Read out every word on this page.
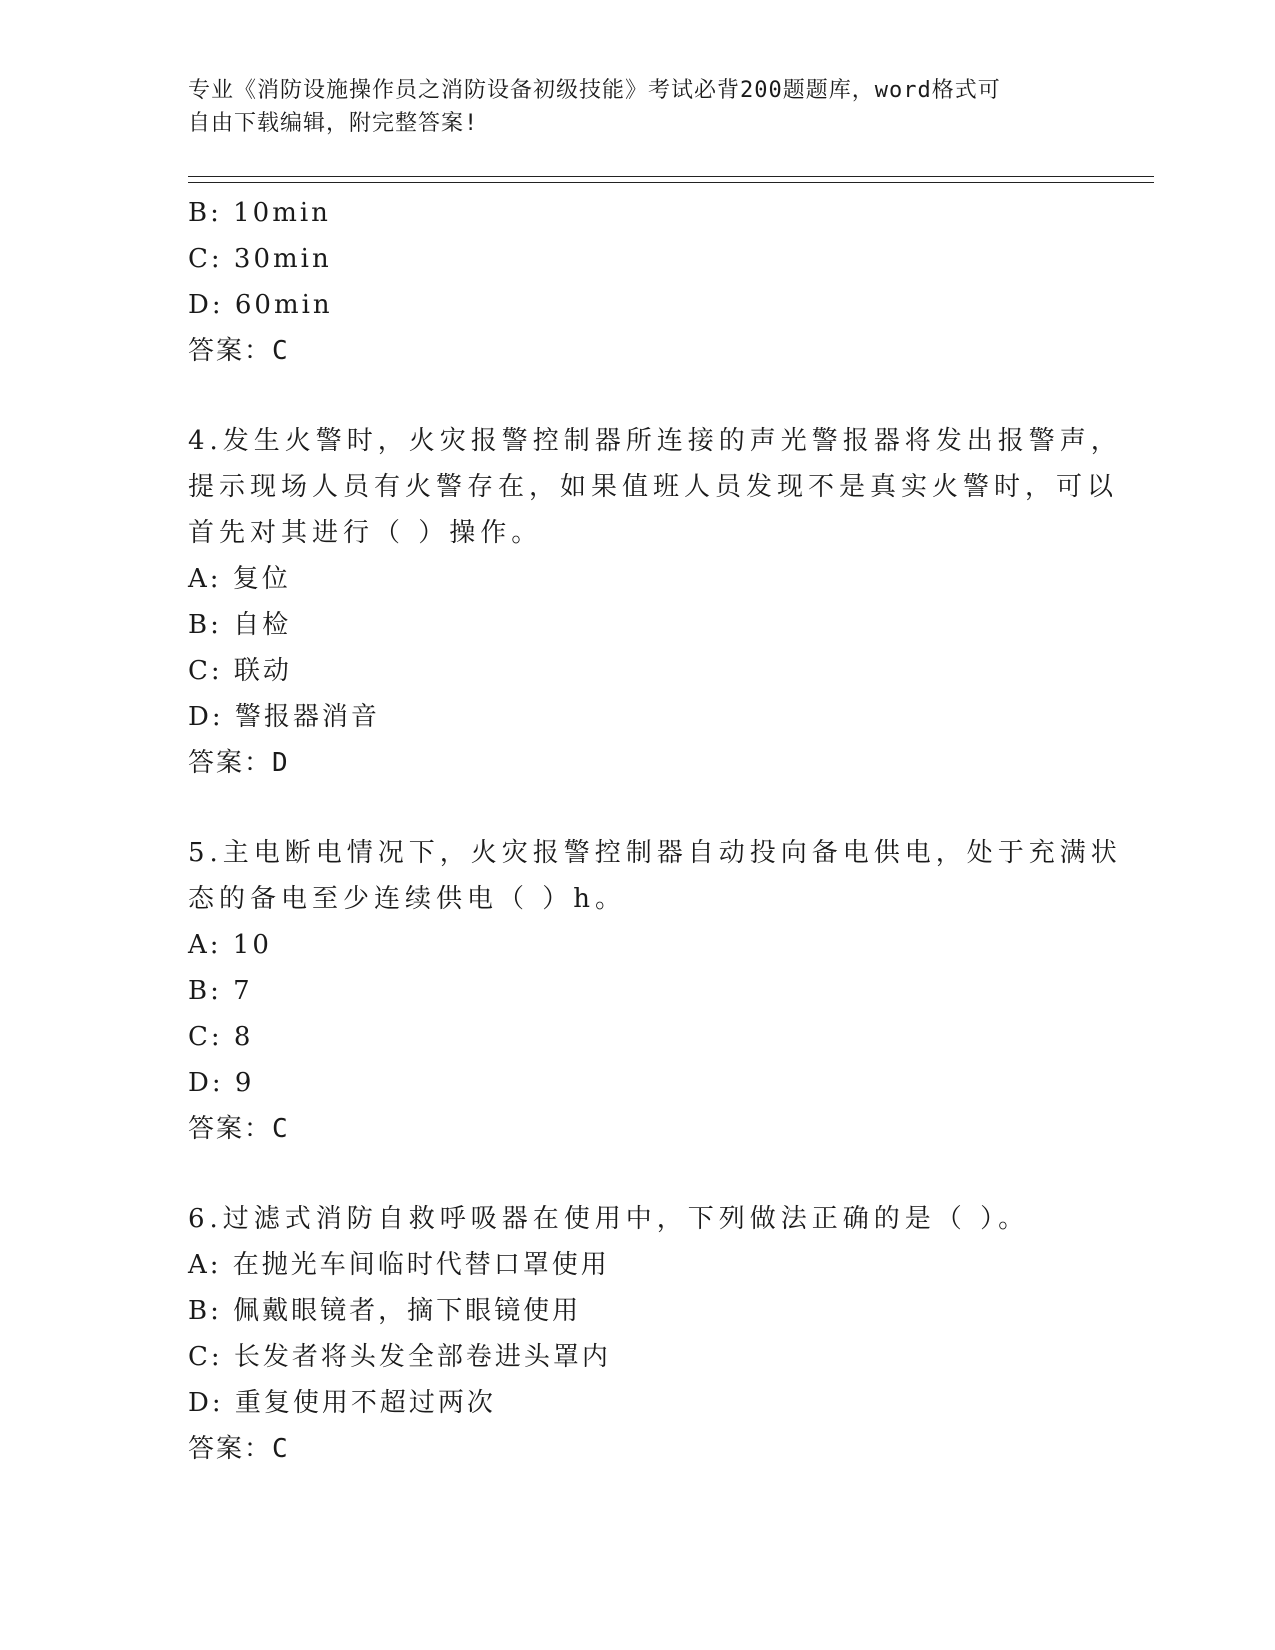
专业《消防设施操作员之消防设备初级技能》考试必背200题题库，word格式可
自由下载编辑，附完整答案!
B: 10min
C: 30min
D: 60min
答案：C
4.发生火警时，火灾报警控制器所连接的声光警报器将发出报警声，
提示现场人员有火警存在，如果值班人员发现不是真实火警时，可以
首先对其进行（ ）操作。
A: 复位
B: 自检
C: 联动
D: 警报器消音
答案：D
5.主电断电情况下，火灾报警控制器自动投向备电供电，处于充满状
态的备电至少连续供电（ ）h。
A: 10
B: 7
C: 8
D: 9
答案：C
6.过滤式消防自救呼吸器在使用中，下列做法正确的是（ ）。
A: 在抛光车间临时代替口罩使用
B: 佩戴眼镜者，摘下眼镜使用
C: 长发者将头发全部卷进头罩内
D: 重复使用不超过两次
答案：C
